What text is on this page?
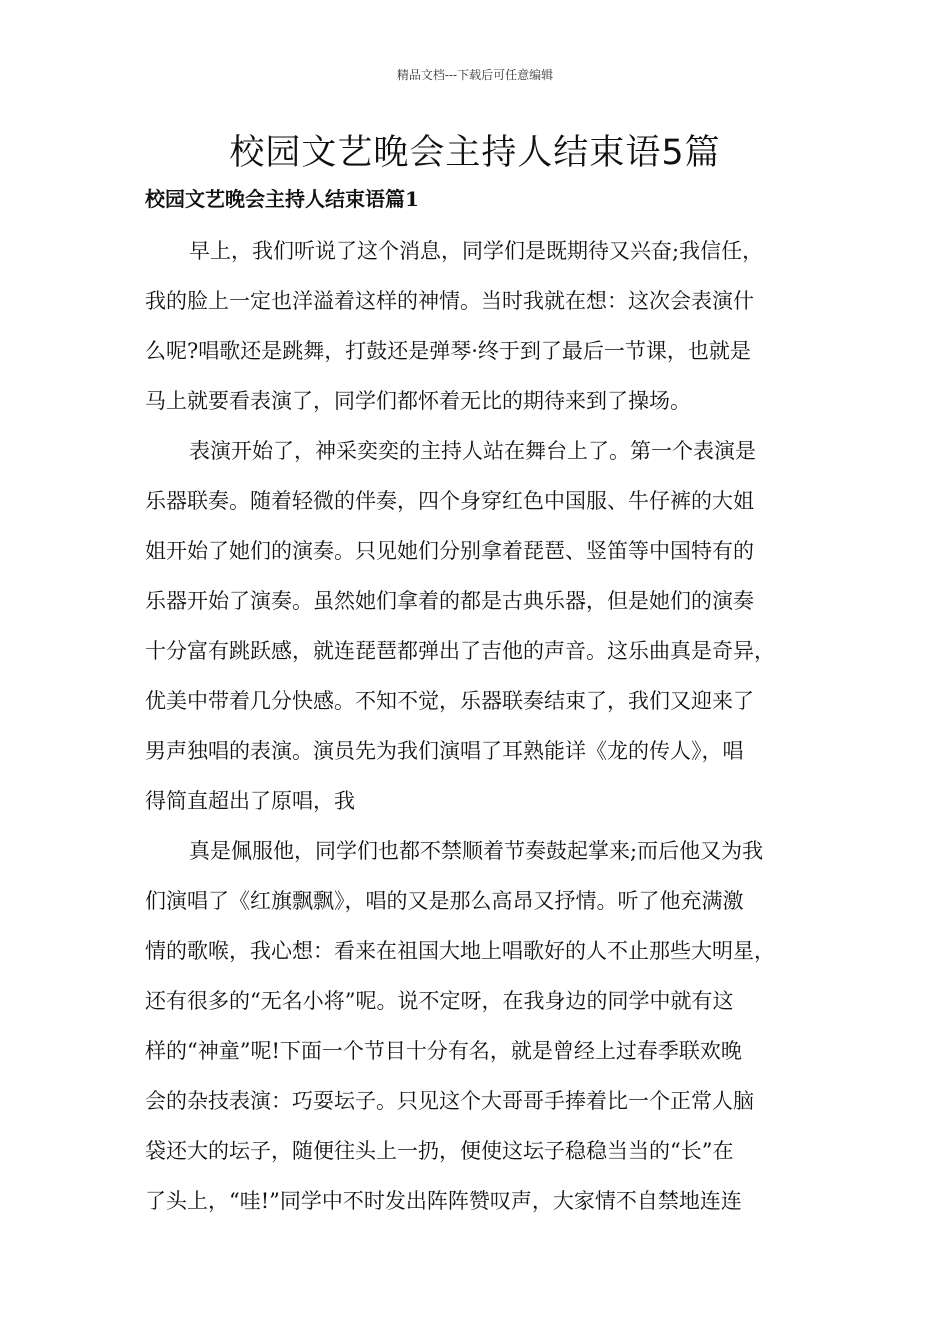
精品文档---下载后可任意编辑
校园文艺晚会主持人结束语5篇
校园文艺晚会主持人结束语篇1
早上，我们听说了这个消息，同学们是既期待又兴奋;我信任，
我的脸上一定也洋溢着这样的神情。当时我就在想：这次会表演什
么呢?唱歌还是跳舞，打鼓还是弹琴·终于到了最后一节课，也就是
马上就要看表演了，同学们都怀着无比的期待来到了操场。
表演开始了，神采奕奕的主持人站在舞台上了。第一个表演是
乐器联奏。随着轻微的伴奏，四个身穿红色中国服、牛仔裤的大姐
姐开始了她们的演奏。只见她们分别拿着琵琶、竖笛等中国特有的
乐器开始了演奏。虽然她们拿着的都是古典乐器，但是她们的演奏
十分富有跳跃感，就连琵琶都弹出了吉他的声音。这乐曲真是奇异，
优美中带着几分快感。不知不觉，乐器联奏结束了，我们又迎来了
男声独唱的表演。演员先为我们演唱了耳熟能详《龙的传人》，唱
得简直超出了原唱，我
真是佩服他，同学们也都不禁顺着节奏鼓起掌来;而后他又为我
们演唱了《红旗飘飘》，唱的又是那么高昂又抒情。听了他充满激
情的歌喉，我心想：看来在祖国大地上唱歌好的人不止那些大明星，
还有很多的“无名小将”呢。说不定呀，在我身边的同学中就有这
样的“神童”呢!下面一个节目十分有名，就是曾经上过春季联欢晚
会的杂技表演：巧耍坛子。只见这个大哥哥手捧着比一个正常人脑
袋还大的坛子，随便往头上一扔，便使这坛子稳稳当当的“长”在
了头上，“哇!”同学中不时发出阵阵赞叹声，大家情不自禁地连连
